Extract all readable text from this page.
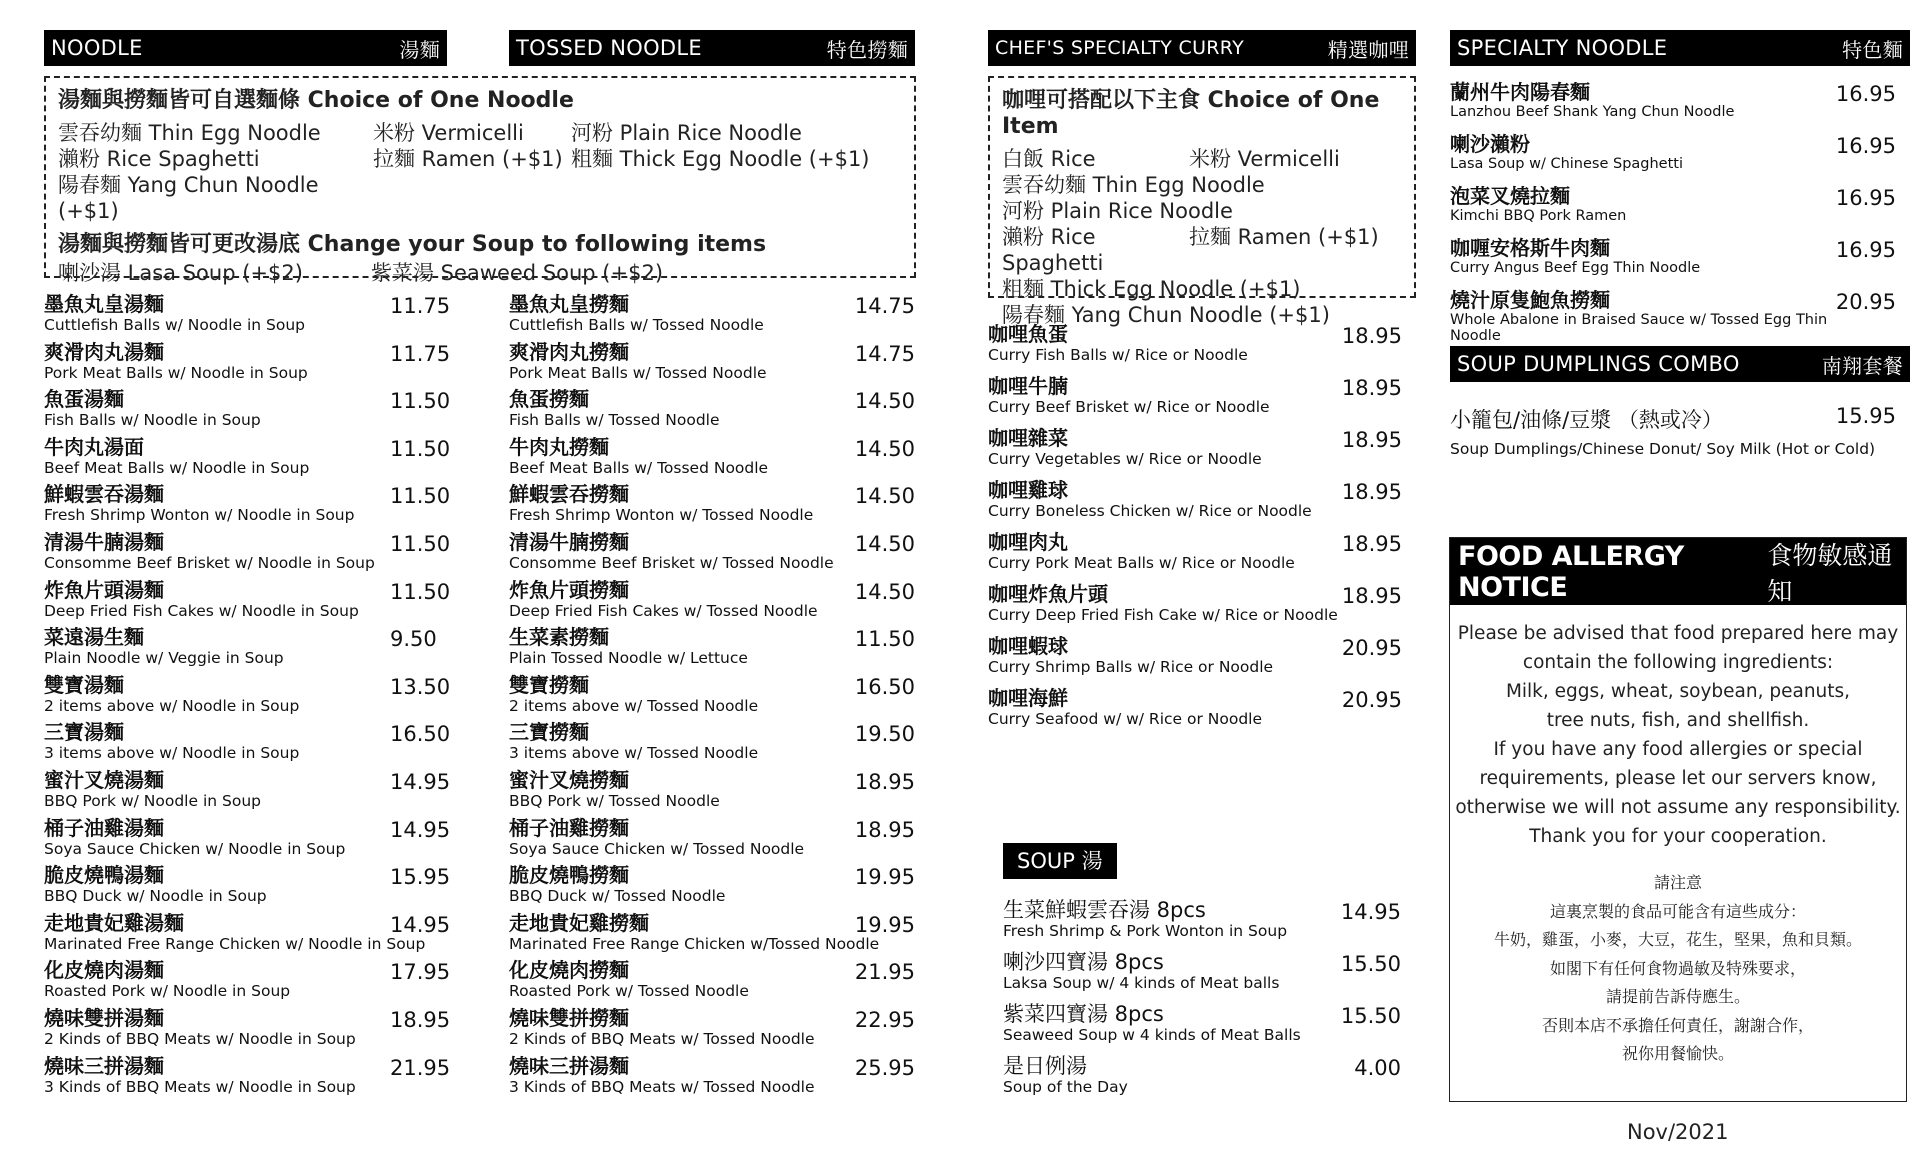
NOODLE	湯麵	TOSSED NOODLE	特色撈麵
湯麵與撈麵皆可自選麵條 Choice of One Noodle
雲吞幼麵 Thin Egg Noodle	米粉 Vermicelli	河粉 Plain Rice Noodle
瀨粉 Rice Spaghetti	拉麵 Ramen (+$1) 粗麵 Thick Egg Noodle (+$1)
陽春麵 Yang Chun Noodle (+$1)
湯麵與撈麵皆可更改湯底 Change your Soup to following items
喇沙湯 Lasa Soup (+$2)	紫菜湯 Seaweed Soup (+$2)
墨魚丸皇湯麵
Cuttlefish Balls w/ Noodle in Soup
11.75
爽滑肉丸湯麵
Pork Meat Balls w/ Noodle in Soup
11.75
魚蛋湯麵
Fish Balls w/ Noodle in Soup
11.50
牛肉丸湯面
Beef Meat Balls w/ Noodle in Soup
11.50
鮮蝦雲吞湯麵
Fresh Shrimp Wonton w/ Noodle in Soup
11.50
清湯牛腩湯麵
Consomme Beef Brisket w/ Noodle in Soup
11.50
炸魚片頭湯麵
Deep Fried Fish Cakes w/ Noodle in Soup
11.50
菜遠湯生麵
Plain Noodle w/ Veggie in Soup
9.50
雙寶湯麵
2 items above w/ Noodle in Soup
13.50
三寶湯麵
3 items above w/ Noodle in Soup
16.50
蜜汁叉燒湯麵
BBQ Pork w/ Noodle in Soup
14.95
桶子油雞湯麵
Soya Sauce Chicken w/ Noodle in Soup
14.95
脆皮燒鴨湯麵
BBQ Duck w/ Noodle in Soup
15.95
走地貴妃雞湯麵
Marinated Free Range Chicken w/ Noodle in Soup
14.95
化皮燒肉湯麵
Roasted Pork w/ Noodle in Soup
17.95
燒味雙拼湯麵
2 Kinds of BBQ Meats w/ Noodle in Soup
18.95
燒味三拼湯麵
3 Kinds of BBQ Meats w/ Noodle in Soup
21.95
墨魚丸皇撈麵
Cuttlefish Balls w/ Tossed Noodle
14.75
爽滑肉丸撈麵
Pork Meat Balls w/ Tossed Noodle
14.75
魚蛋撈麵
Fish Balls w/ Tossed Noodle
14.50
牛肉丸撈麵
Beef Meat Balls w/ Tossed Noodle
14.50
鮮蝦雲吞撈麵
Fresh Shrimp Wonton w/ Tossed Noodle
14.50
清湯牛腩撈麵
Consomme Beef Brisket w/ Tossed Noodle
14.50
炸魚片頭撈麵
Deep Fried Fish Cakes w/ Tossed Noodle
14.50
生菜素撈麵
Plain Tossed Noodle w/ Lettuce
11.50
雙寶撈麵
2 items above w/ Tossed Noodle
16.50
三寶撈麵
3 items above w/ Tossed Noodle
19.50
蜜汁叉燒撈麵
BBQ Pork w/ Tossed Noodle
18.95
桶子油雞撈麵
Soya Sauce Chicken w/ Tossed Noodle
18.95
脆皮燒鴨撈麵
BBQ Duck w/ Tossed Noodle
19.95
走地貴妃雞撈麵
Marinated Free Range Chicken w/Tossed Noodle
19.95
化皮燒肉撈麵
Roasted Pork w/ Tossed Noodle
21.95
燒味雙拼撈麵
2 Kinds of BBQ Meats w/ Tossed Noodle
22.95
燒味三拼湯麵
3 Kinds of BBQ Meats w/ Tossed Noodle
25.95
CHEF'S SPECIALTY CURRY	精選咖哩
咖哩可搭配以下主食 Choice of One Item
白飯 Rice	米粉 Vermicelli
雲吞幼麵 Thin Egg Noodle
河粉 Plain Rice Noodle
瀨粉 Rice Spaghetti
拉麵 Ramen (+$1)
粗麵 Thick Egg Noodle (+$1)
陽春麵 Yang Chun Noodle (+$1)
咖哩魚蛋
Curry Fish Balls w/ Rice or Noodle
18.95
咖哩牛腩
Curry Beef Brisket w/ Rice or Noodle
18.95
咖哩雜菜
Curry Vegetables w/ Rice or Noodle
18.95
咖哩雞球
Curry Boneless Chicken w/ Rice or Noodle
18.95
咖哩肉丸
Curry Pork Meat Balls w/ Rice or Noodle
18.95
咖哩炸魚片頭
Curry Deep Fried Fish Cake w/ Rice or Noodle
18.95
咖哩蝦球
Curry Shrimp Balls w/ Rice or Noodle
20.95
咖哩海鮮
Curry Seafood w/ w/ Rice or Noodle
20.95
SOUP 湯
生菜鮮蝦雲吞湯 8pcs
Fresh Shrimp & Pork Wonton in Soup
14.95
喇沙四寶湯 8pcs
Laksa Soup w/ 4 kinds of Meat balls
15.50
紫菜四寶湯 8pcs
Seaweed Soup w 4 kinds of Meat Balls
15.50
是日例湯
Soup of the Day
4.00
SPECIALTY NOODLE	特色麵
蘭州牛肉陽春麵
Lanzhou Beef Shank Yang Chun Noodle
16.95
喇沙瀨粉
Lasa Soup w/ Chinese Spaghetti
16.95
泡菜叉燒拉麵
Kimchi BBQ Pork Ramen
16.95
咖喱安格斯牛肉麵
Curry Angus Beef Egg Thin Noodle
16.95
燒汁原隻鮑魚撈麵
Whole Abalone in Braised Sauce w/ Tossed Egg Thin Noodle
20.95
SOUP DUMPLINGS COMBO	南翔套餐
小籠包/油條/豆漿 （熱或冷）
Soup Dumplings/Chinese Donut/ Soy Milk (Hot or Cold)
15.95
FOOD ALLERGY NOTICE
食物敏感通知
Please be advised that food prepared here may
contain the following ingredients:
Milk, eggs, wheat, soybean, peanuts,
tree nuts, fish, and shellfish.
If you have any food allergies or special
requirements, please let our servers know,
otherwise we will not assume any responsibility.
Thank you for your cooperation.
請注意
這裏烹製的食品可能含有這些成分：
牛奶，雞蛋，小麥，大豆，花生，堅果，魚和貝類。
如閣下有任何食物過敏及特殊要求，
請提前告訴侍應生。
否則本店不承擔任何責任，謝謝合作，
祝你用餐愉快。
Nov/2021
